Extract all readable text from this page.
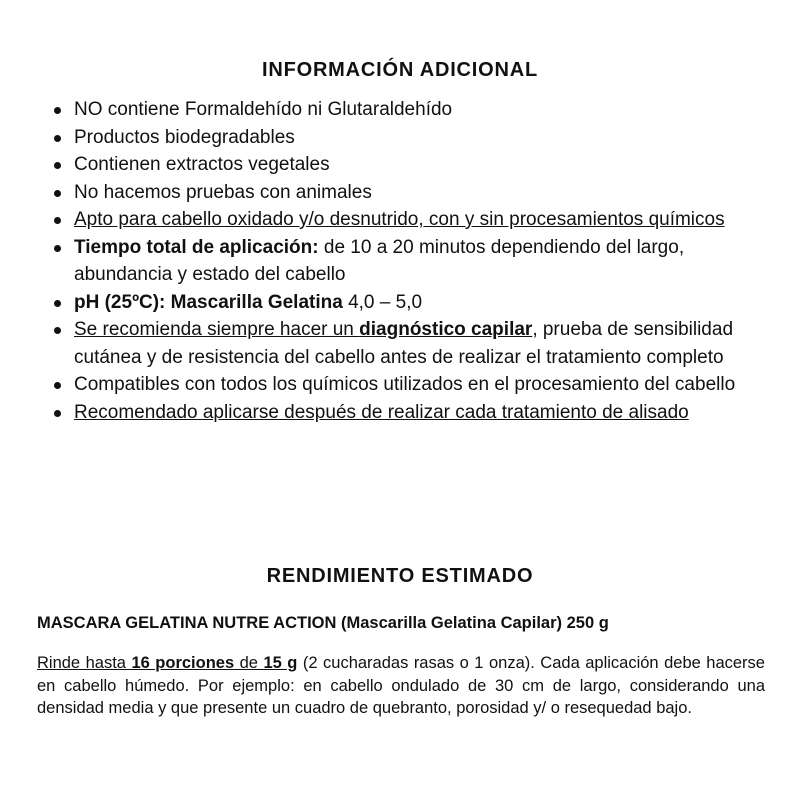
INFORMACIÓN ADICIONAL
NO contiene Formaldehído ni Glutaraldehído
Productos biodegradables
Contienen extractos vegetales
No hacemos pruebas con animales
Apto para cabello oxidado y/o desnutrido, con y sin procesamientos químicos
Tiempo total de aplicación: de 10 a 20 minutos dependiendo del largo, abundancia y estado del cabello
pH (25ºC): Mascarilla Gelatina 4,0 – 5,0
Se recomienda siempre hacer un diagnóstico capilar, prueba de sensibilidad cutánea y de resistencia del cabello antes de realizar el tratamiento completo
Compatibles con todos los químicos utilizados en el procesamiento del cabello
Recomendado aplicarse después de realizar cada tratamiento de alisado
RENDIMIENTO ESTIMADO

MASCARA GELATINA NUTRE ACTION (Mascarilla Gelatina Capilar) 250 g

Rinde hasta 16 porciones de 15 g (2 cucharadas rasas o 1 onza). Cada aplicación debe hacerse en cabello húmedo. Por ejemplo: en cabello ondulado de 30 cm de largo, considerando una densidad media y que presente un cuadro de quebranto, porosidad y/ o resequedad bajo.
